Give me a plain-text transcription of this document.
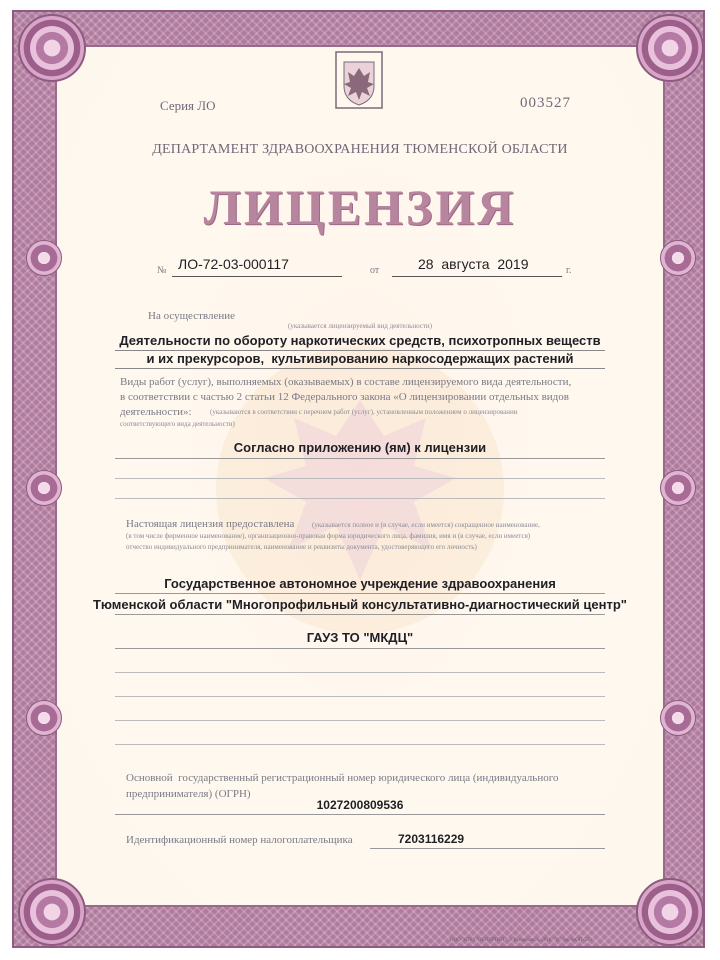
Серия ЛО	003527
ДЕПАРТАМЕНТ ЗДРАВООХРАНЕНИЯ ТЮМЕНСКОЙ ОБЛАСТИ
ЛИЦЕНЗИЯ
№ ЛО-72-03-000117	от	28  августа  2019	г.
На осуществление
(указывается лицензируемый вид деятельности)
Деятельности по обороту наркотических средств, психотропных веществ
и их прекурсоров,  культивированию наркосодержащих растений
Виды работ (услуг), выполняемых (оказываемых) в составе лицензируемого вида деятельности,
в соответствии с частью 2 статьи 12 Федерального закона «О лицензировании отдельных видов
деятельности»:	(указываются в соответствии с перечнем работ (услуг), установленным положением о лицензировании
соответствующего вида деятельности)
Согласно приложению (ям) к лицензии
Настоящая лицензия предоставлена	(указывается полное и (в случае, если имеется) сокращенное наименование,
(в том числе фирменное наименование), организационно-правовая форма юридического лица, фамилия, имя и (в случае, если имеется)
отчество индивидуального предпринимателя, наименование и реквизиты документа, удостоверяющего его личность)
Государственное автономное учреждение здравоохранения
Тюменской области "Многопрофильный консультативно-диагностический центр"
ГАУЗ ТО "МКДЦ"
Основной  государственный регистрационный номер юридического лица (индивидуального
предпринимателя) (ОГРН)
1027200809536
Идентификационный номер налогоплательщика	7203116229
ООО "КПО "НЕОПРИНТ", г. Всеволожск, 2018, "Б" Зак.№ОП-339
